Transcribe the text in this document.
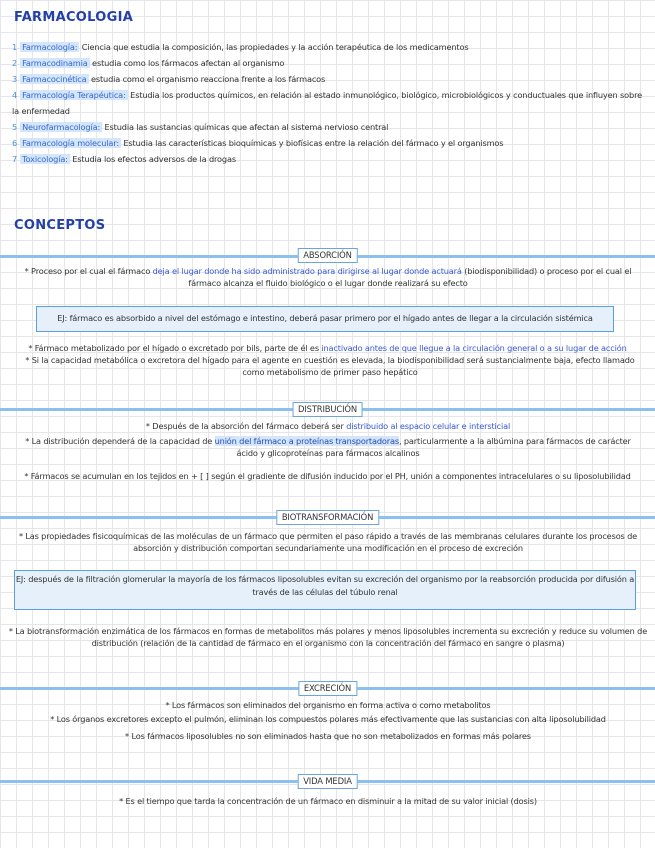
FARMACOLOGIA

1 Farmacología: Ciencia que estudia la composición, las propiedades y la acción terapéutica de los medicamentos

2 Farmacodinamia estudia como los fármacos afectan al organismo

3 Farmacocinética estudia como el organismo reacciona frente a los fármacos

4 Farmacología Terapéutica: Estudia los productos químicos, en relación al estado inmunológico, biológico, microbiológicos y conductuales que influyen sobre la enfermedad

5 Neurofarmacología: Estudia las sustancias químicas que afectan al sistema nervioso central

6 Farmacología molecular: Estudia las características bioquímicas y biofísicas entre la relación del fármaco y el organismos

7 Toxicología: Estudia los efectos adversos de la drogas

CONCEPTOS
ABSORCIÓN

* Proceso por el cual el fármaco deja el lugar donde ha sido administrado para dirigirse al lugar donde actuará (biodisponibilidad) o proceso por el cual el fármaco alcanza el fluido biológico o el lugar donde realizará su efecto

EJ: fármaco es absorbido a nivel del estómago e intestino, deberá pasar primero por el hígado antes de llegar a la circulación sistémica

* Fármaco metabolizado por el hígado o excretado por bils, parte de él es inactivado antes de que llegue a la circulación general o a su lugar de acción

* Si la capacidad metabólica o excretora del hígado para el agente en cuestión es elevada, la biodisponibilidad será sustancialmente baja, efecto llamado como metabolismo de primer paso hepático

DISTRIBUCIÓN

* Después de la absorción del fármaco deberá ser distribuido al espacio celular e intersticial

* La distribución dependerá de la capacidad de unión del fármaco a proteínas transportadoras, particularmente a la albúmina para fármacos de carácter ácido y glicoproteínas para fármacos alcalinos

* Fármacos se acumulan en los tejidos en + [ ] según el gradiente de difusión inducido por el PH, unión a componentes intracelulares o su liposolubilidad

BIOTRANSFORMACIÓN

* Las propiedades fisicoquímicas de las moléculas de un fármaco que permiten el paso rápido a través de las membranas celulares durante los procesos de absorción y distribución comportan secundariamente una modificación en el proceso de excreción

EJ: después de la filtración glomerular la mayoría de los fármacos liposolubles evitan su excreción del organismo por la reabsorción producida por difusión a través de las células del túbulo renal

* La biotransformación enzimática de los fármacos en formas de metabolitos más polares y menos liposolubles incrementa su excreción y reduce su volumen de distribución (relación de la cantidad de fármaco en el organismo con la concentración del fármaco en sangre o plasma)

EXCRECIÓN

* Los fármacos son eliminados del organismo en forma activa o como metabolitos

* Los órganos excretores excepto el pulmón, eliminan los compuestos polares más efectivamente que las sustancias con alta liposolubilidad

* Los fármacos liposolubles no son eliminados hasta que no son metabolizados en formas más polares

VIDA MEDIA

* Es el tiempo que tarda la concentración de un fármaco en disminuir a la mitad de su valor inicial (dosis)
